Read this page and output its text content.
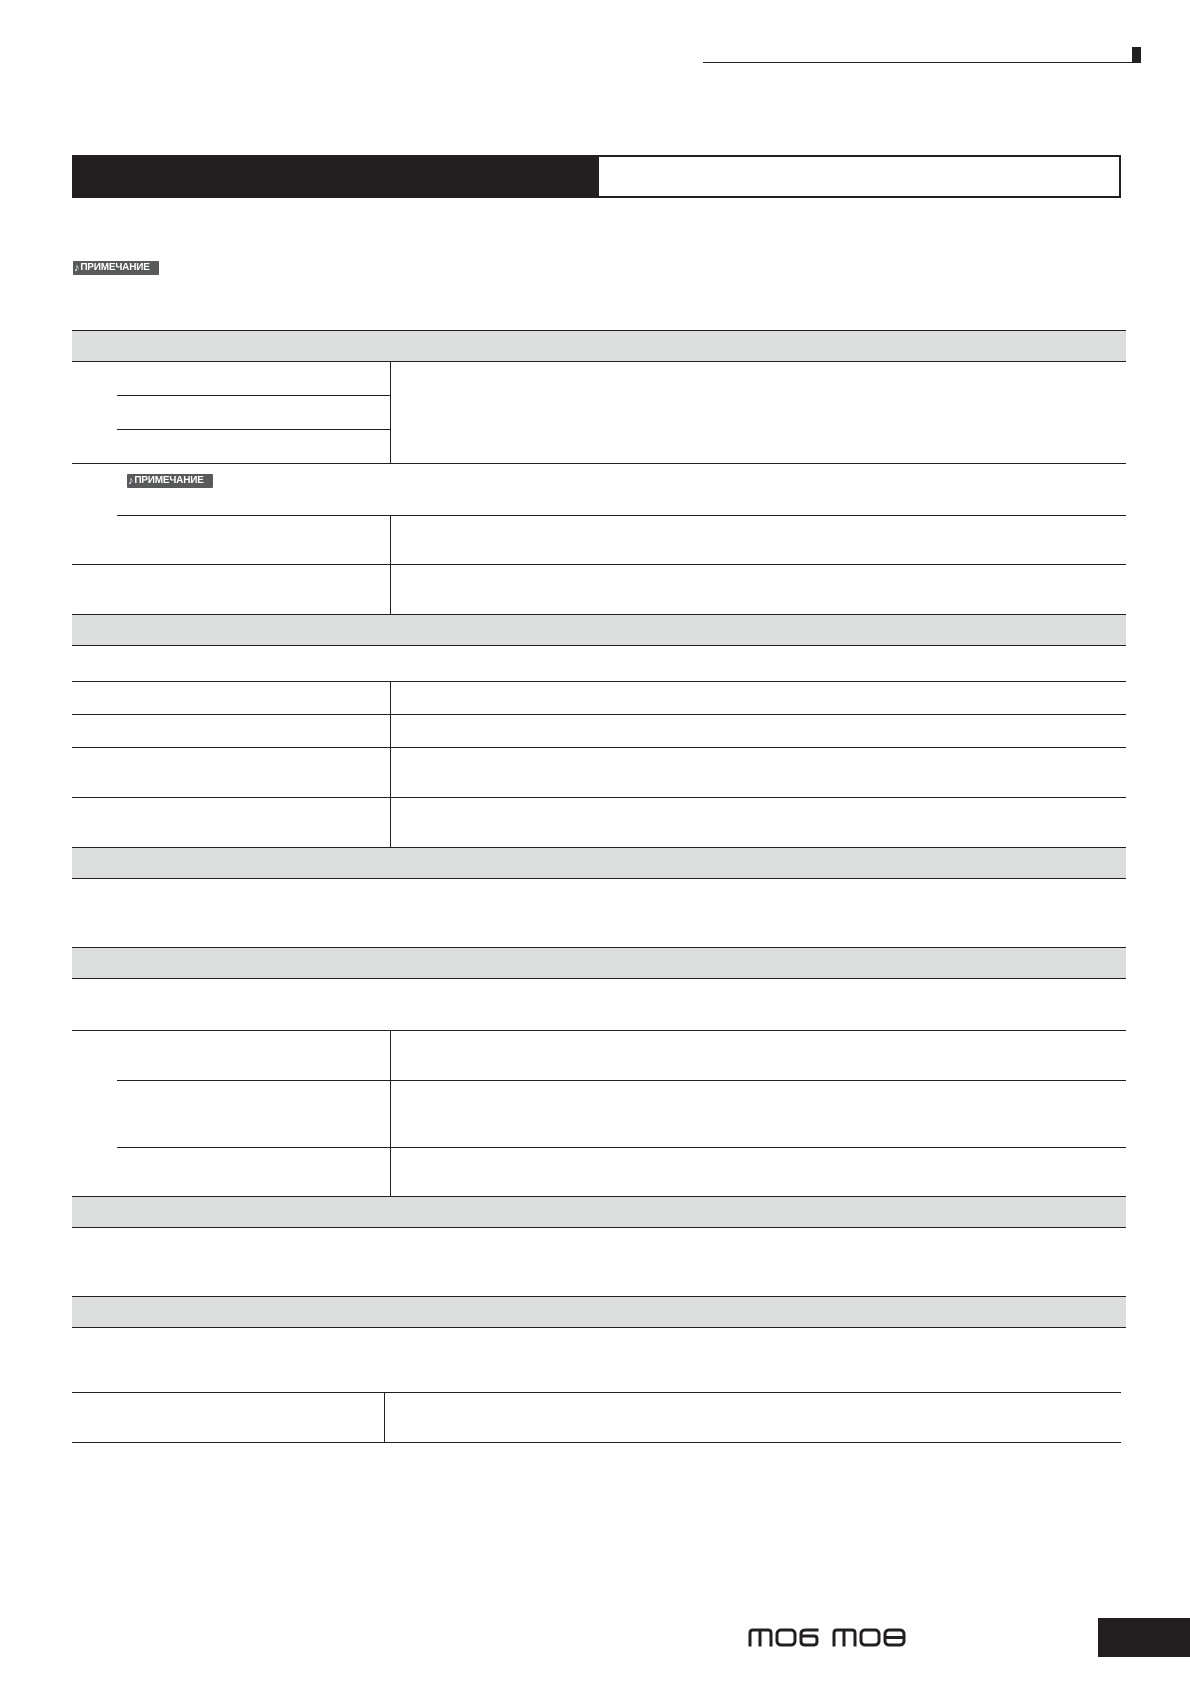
♪ ПРИМЕЧАНИЕ
♪ ПРИМЕЧАНИЕ
